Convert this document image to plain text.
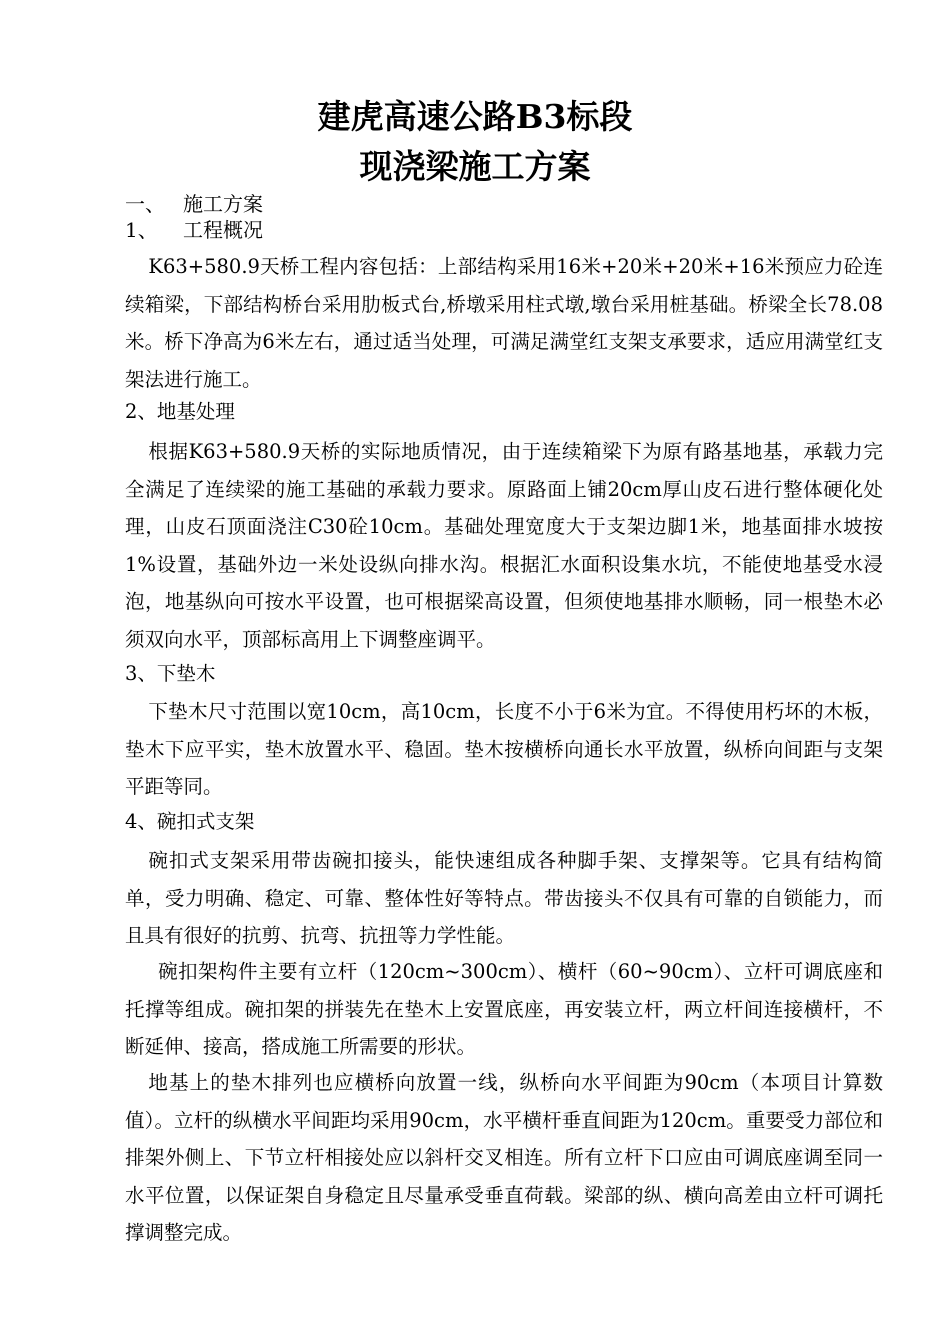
建虎高速公路B3标段
现浇梁施工方案
一、 施工方案
1、 工程概况
K63+580.9天桥工程内容包括：上部结构采用16米+20米+20米+16米预应力砼连续箱梁，下部结构桥台采用肋板式台,桥墩采用柱式墩,墩台采用桩基础。桥梁全长78.08米。桥下净高为6米左右，通过适当处理，可满足满堂红支架支承要求，适应用满堂红支架法进行施工。
2、地基处理
根据K63+580.9天桥的实际地质情况，由于连续箱梁下为原有路基地基，承载力完全满足了连续梁的施工基础的承载力要求。原路面上铺20cm厚山皮石进行整体硬化处理，山皮石顶面浇注C30砼10cm。基础处理宽度大于支架边脚1米，地基面排水坡按1%设置，基础外边一米处设纵向排水沟。根据汇水面积设集水坑，不能使地基受水浸泡，地基纵向可按水平设置，也可根据梁高设置，但须使地基排水顺畅，同一根垫木必须双向水平，顶部标高用上下调整座调平。
3、下垫木
下垫木尺寸范围以宽10cm，高10cm，长度不小于6米为宜。不得使用朽坏的木板，垫木下应平实，垫木放置水平、稳固。垫木按横桥向通长水平放置，纵桥向间距与支架平距等同。
4、碗扣式支架
碗扣式支架采用带齿碗扣接头，能快速组成各种脚手架、支撑架等。它具有结构简单，受力明确、稳定、可靠、整体性好等特点。带齿接头不仅具有可靠的自锁能力，而且具有很好的抗剪、抗弯、抗扭等力学性能。
碗扣架构件主要有立杆（120cm~300cm）、横杆（60~90cm）、立杆可调底座和托撑等组成。碗扣架的拼装先在垫木上安置底座，再安装立杆，两立杆间连接横杆，不断延伸、接高，搭成施工所需要的形状。
地基上的垫木排列也应横桥向放置一线，纵桥向水平间距为90cm（本项目计算数值）。立杆的纵横水平间距均采用90cm，水平横杆垂直间距为120cm。重要受力部位和排架外侧上、下节立杆相接处应以斜杆交叉相连。所有立杆下口应由可调底座调至同一水平位置，以保证架自身稳定且尽量承受垂直荷载。梁部的纵、横向高差由立杆可调托撑调整完成。
